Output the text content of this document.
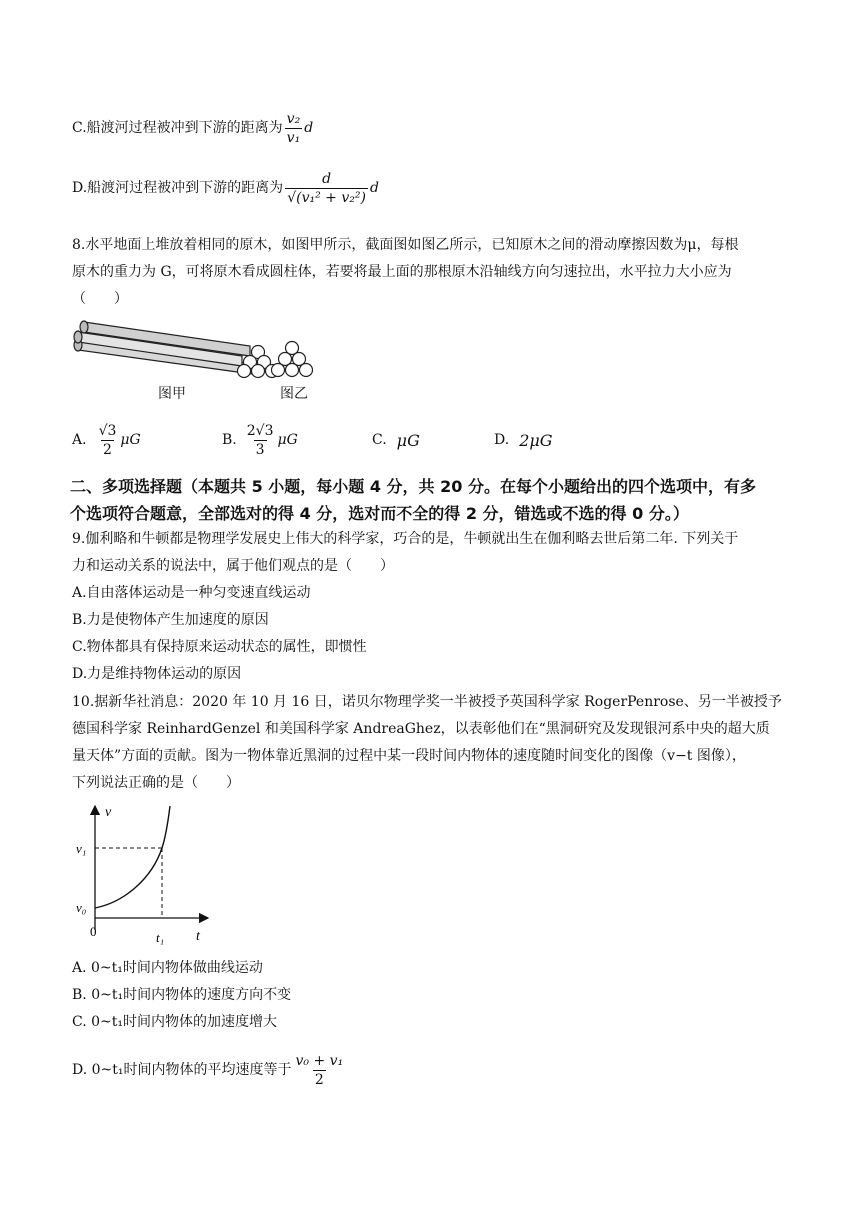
C.船渡河过程被冲到下游的距离为 $\frac{\text{v₂}}{\text{v₁}}$ d
D.船渡河过程被冲到下游的距离为 $\frac{d}{\text{√(v₁² + v₂²)}}$ d
8.水平地面上堆放着相同的原木，如图甲所示，截面图如图乙所示，已知原木之间的滑动摩擦因数为μ，每根
原木的重力为 G，可将原木看成圆柱体，若要将最上面的那根原木沿轴线方向匀速拉出，水平拉力大小应为
（　　）
图甲	图乙
A. $\frac{√3}{2}$ μG	B. $\frac{2√3}{3}$ μG	C. μG	D. 2μG
二、多项选择题（本题共 5 小题，每小题 4 分，共 20 分。在每个小题给出的四个选项中，有多
个选项符合题意，全部选对的得 4 分，选对而不全的得 2 分，错选或不选的得 0 分。）
9.伽利略和牛顿都是物理学发展史上伟大的科学家，巧合的是，牛顿就出生在伽利略去世后第二年. 下列关于
力和运动关系的说法中，属于他们观点的是（　　）
A.自由落体运动是一种匀变速直线运动
B.力是使物体产生加速度的原因
C.物体都具有保持原来运动状态的属性，即惯性
D.力是维持物体运动的原因
10.据新华社消息：2020 年 10 月 16 日，诺贝尔物理学奖一半被授予英国科学家 RogerPenrose、另一半被授予
德国科学家 ReinhardGenzel 和美国科学家 AndreaGhez，以表彰他们在“黑洞研究及发现银河系中央的超大质
量天体”方面的贡献。图为一物体靠近黑洞的过程中某一段时间内物体的速度随时间变化的图像（v−t 图像），
下列说法正确的是（　　）
v
t
0
v₁
v₀
t₁
A. 0~t₁时间内物体做曲线运动
B. 0~t₁时间内物体的速度方向不变
C. 0~t₁时间内物体的加速度增大
D. 0~t₁时间内物体的平均速度等于 $\frac{\text{v₀ + v₁}}{2}$
